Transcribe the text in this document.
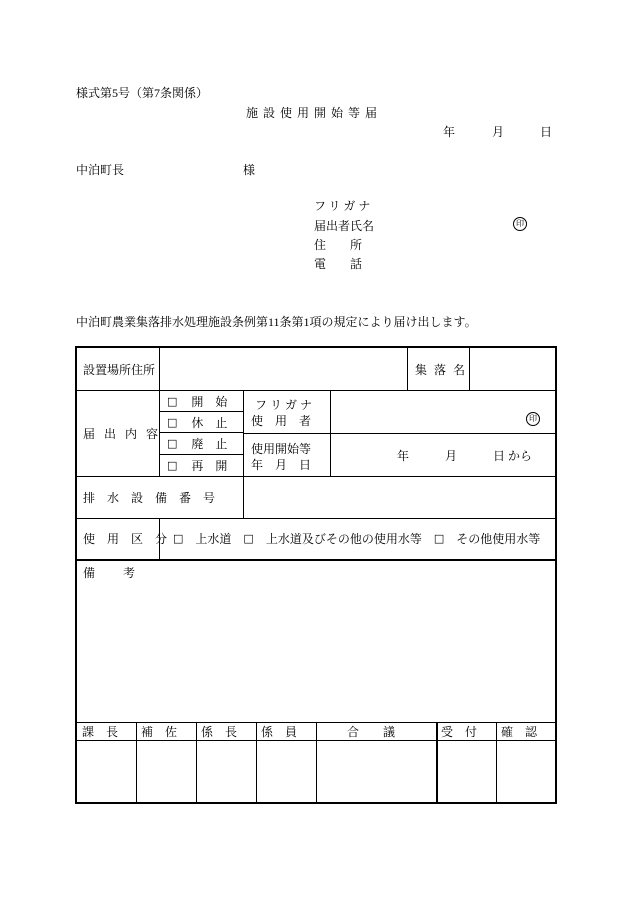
様式第5号（第7条関係）
施 設 使 用 開 始 等 届
年	月	日
中泊町長	様
フリガナ
届出者氏名	印
住　所
電　話
中泊町農業集落排水処理施設条例第11条第1項の規定により届け出します。
設置場所住所	集 落 名
届 出 内 容
□ 開　始
□ 休　止
□ 廃　止
□ 再　開
フ リ ガ ナ
使　用　者	印
使用開始等
年　月　日
年	月	日 から
排　水　設　備　番　号
使　用　区　分 □ 上水道 □ 上水道及びその他の使用水等 □ その他使用水等
備　考
課　長 補　佐 係　長 係　員	合　議	受　付 確　認
